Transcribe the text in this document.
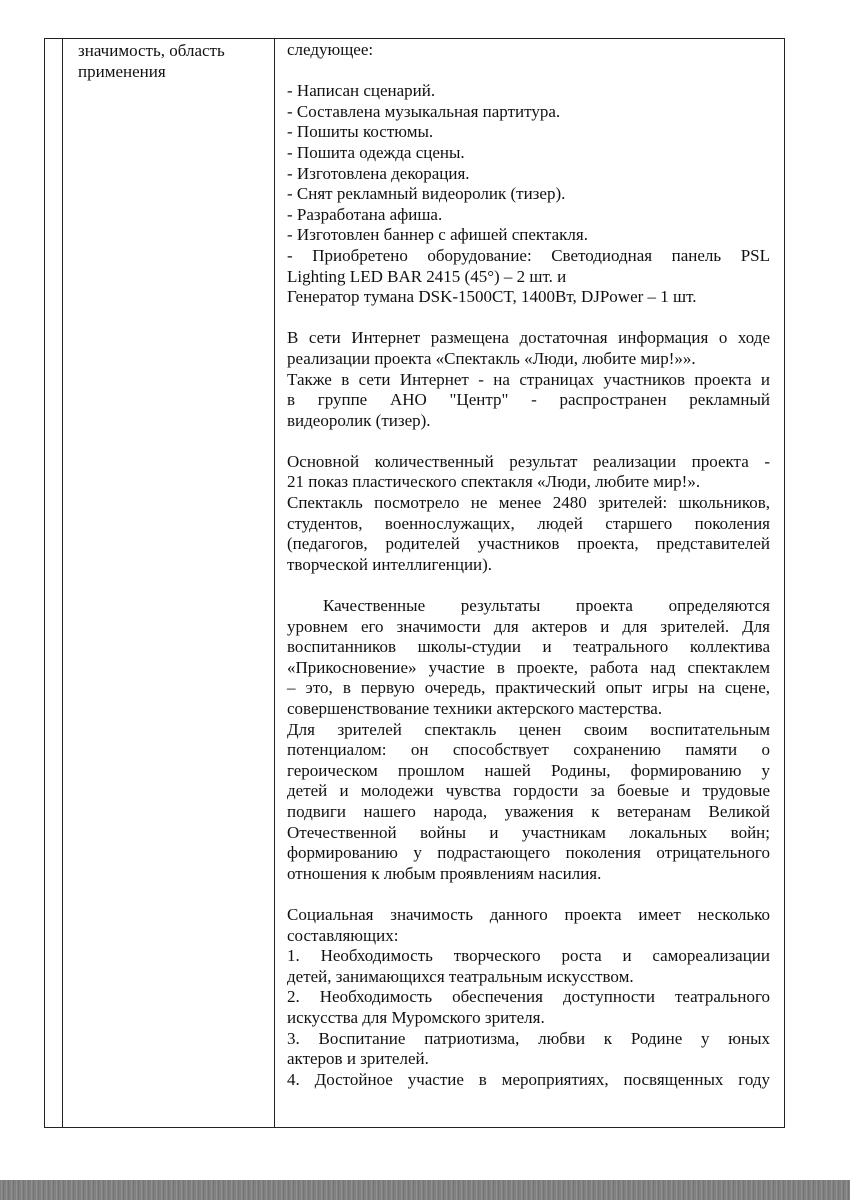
значимость, область
применения
следующее:
- Написан сценарий.
- Составлена музыкальная партитура.
- Пошиты костюмы.
- Пошита одежда сцены.
- Изготовлена декорация.
- Снят рекламный видеоролик (тизер).
- Разработана афиша.
- Изготовлен баннер с афишей спектакля.
- Приобретено оборудование: Светодиодная панель PSL
Lighting LED BAR 2415 (45°) – 2 шт. и
Генератор тумана DSK-1500CT, 1400Вт, DJPower – 1 шт.
В сети Интернет размещена достаточная информация о ходе
реализации проекта «Спектакль «Люди, любите мир!»».
Также в сети Интернет - на страницах участников проекта и
в группе АНО "Центр" - распространен рекламный
видеоролик (тизер).
Основной количественный результат реализации проекта -
21 показ пластического спектакля «Люди, любите мир!».
Спектакль посмотрело не менее 2480 зрителей: школьников,
студентов, военнослужащих, людей старшего поколения
(педагогов, родителей участников проекта, представителей
творческой интеллигенции).
Качественные результаты проекта определяются
уровнем его значимости для актеров и для зрителей. Для
воспитанников школы-студии и театрального коллектива
«Прикосновение» участие в проекте, работа над спектаклем
– это, в первую очередь, практический опыт игры на сцене,
совершенствование техники актерского мастерства.
Для зрителей спектакль ценен своим воспитательным
потенциалом: он способствует сохранению памяти о
героическом прошлом нашей Родины, формированию у
детей и молодежи чувства гордости за боевые и трудовые
подвиги нашего народа, уважения к ветеранам Великой
Отечественной войны и участникам локальных войн;
формированию у подрастающего поколения отрицательного
отношения к любым проявлениям насилия.
Социальная значимость данного проекта имеет несколько
составляющих:
1. Необходимость творческого роста и самореализации
детей, занимающихся театральным искусством.
2. Необходимость обеспечения доступности театрального
искусства для Муромского зрителя.
3. Воспитание патриотизма, любви к Родине у юных
актеров и зрителей.
4. Достойное участие в мероприятиях, посвященных году
